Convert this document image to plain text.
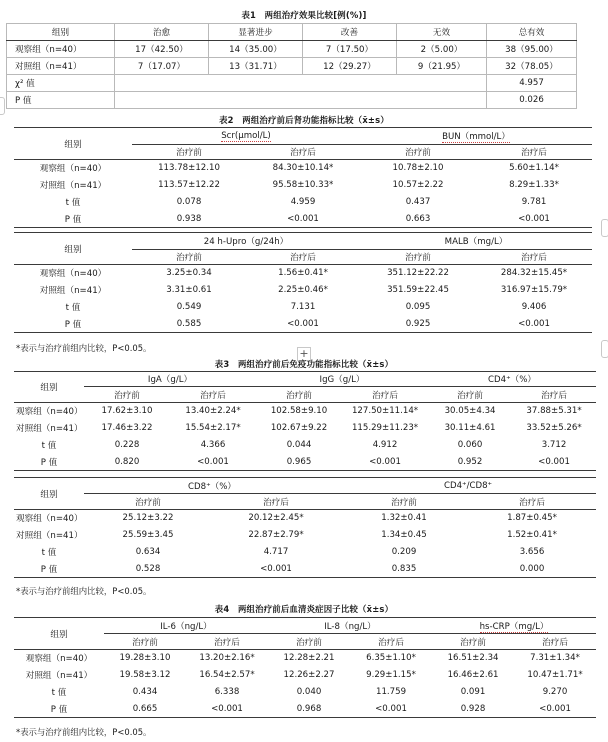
表1　两组治疗效果比较[例(%)]
组别	治愈	显著进步	改善	无效	总有效
观察组（n=40）	17（42.50）	14（35.00）	7（17.50）	2（5.00）	38（95.00）
对照组（n=41）	7（17.07）	13（31.71）	12（29.27）	9（21.95）	32（78.05）
χ² 值					4.957
P 值					0.026
表2　两组治疗前后肾功能指标比较（x̄±s）
组别	Scr(μmol/L)		BUN（mmol/L）	
	治疗前	治疗后	治疗前	治疗后
观察组（n=40）	113.78±12.10	84.30±10.14*	10.78±2.10	5.60±1.14*
对照组（n=41）	113.57±12.22	95.58±10.33*	10.57±2.22	8.29±1.33*
t 值	0.078	4.959	0.437	9.781
P 值	0.938	<0.001	0.663	<0.001
组别	24 h-Upro（g/24h）		MALB（mg/L）	
	治疗前	治疗后	治疗前	治疗后
观察组（n=40）	3.25±0.34	1.56±0.41*	351.12±22.22	284.32±15.45*
对照组（n=41）	3.31±0.61	2.25±0.46*	351.59±22.45	316.97±15.79*
t 值	0.549	7.131	0.095	9.406
P 值	0.585	<0.001	0.925	<0.001
*表示与治疗前组内比较，P<0.05。	+
表3　两组治疗前后免疫功能指标比较（x̄±s）
组别	IgA（g/L）		IgG（g/L）		CD4⁺（%）	
	治疗前	治疗后	治疗前	治疗后	治疗前	治疗后
观察组（n=40）	17.62±3.10	13.40±2.24*	102.58±9.10	127.50±11.14*	30.05±4.34	37.88±5.31*
对照组（n=41）	17.46±3.22	15.54±2.17*	102.67±9.22	115.29±11.23*	30.11±4.61	33.52±5.26*
t 值	0.228	4.366	0.044	4.912	0.060	3.712
P 值	0.820	<0.001	0.965	<0.001	0.952	<0.001
组别	CD8⁺（%）		CD4⁺/CD8⁺	
	治疗前	治疗后	治疗前	治疗后
观察组（n=40）	25.12±3.22	20.12±2.45*	1.32±0.41	1.87±0.45*
对照组（n=41）	25.59±3.45	22.87±2.79*	1.34±0.45	1.52±0.41*
t 值	0.634	4.717	0.209	3.656
P 值	0.528	<0.001	0.835	0.000
*表示与治疗前组内比较，P<0.05。
表4　两组治疗前后血清炎症因子比较（x̄±s）
组别	IL-6（ng/L）		IL-8（ng/L）		hs-CRP（mg/L）	
	治疗前	治疗后	治疗前	治疗后	治疗前	治疗后
观察组（n=40）	19.28±3.10	13.20±2.16*	12.28±2.21	6.35±1.10*	16.51±2.34	7.31±1.34*
对照组（n=41）	19.58±3.12	16.54±2.57*	12.26±2.27	9.29±1.15*	16.46±2.61	10.47±1.71*
t 值	0.434	6.338	0.040	11.759	0.091	9.270
P 值	0.665	<0.001	0.968	<0.001	0.928	<0.001
*表示与治疗前组内比较，P<0.05。
